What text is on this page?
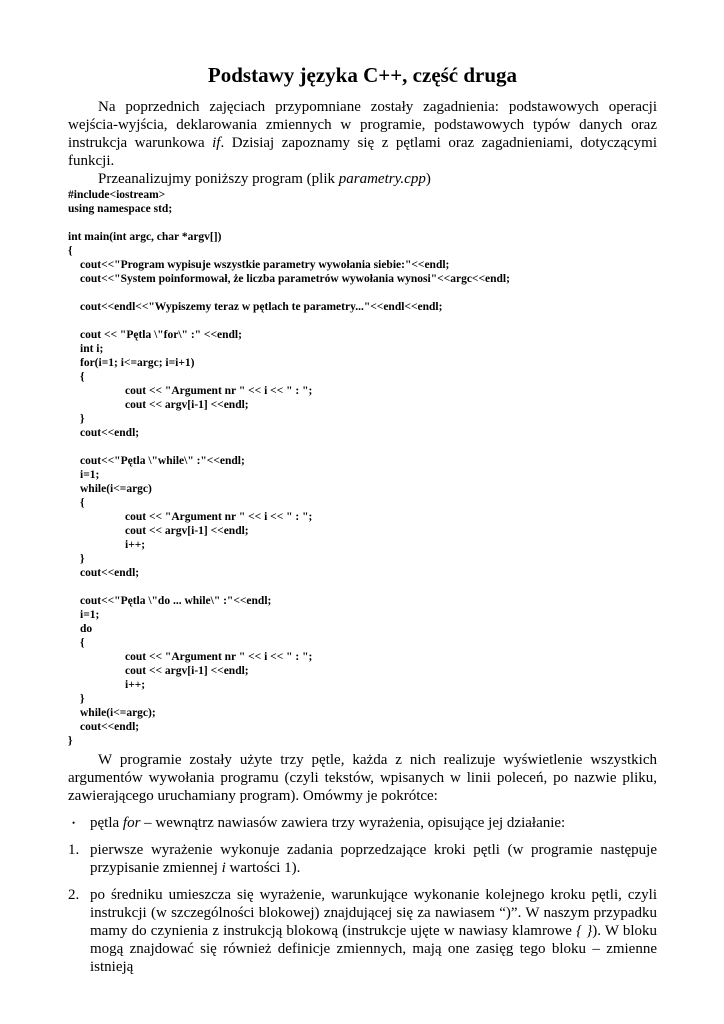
Podstawy języka C++, część druga

Na poprzednich zajęciach przypomniane zostały zagadnienia: podstawowych operacji wejścia-wyjścia, deklarowania zmiennych w programie, podstawowych typów danych oraz instrukcja warunkowa if. Dzisiaj zapoznamy się z pętlami oraz zagadnieniami, dotyczącymi funkcji.

Przeanalizujmy poniższy program (plik parametry.cpp)

#include<iostream>
using namespace std;

int main(int argc, char *argv[])
{
cout<<"Program wypisuje wszystkie parametry wywołania siebie:"<<endl;
cout<<"System poinformował, że liczba parametrów wywołania wynosi"<<argc<<endl;

cout<<endl<<"Wypiszemy teraz w pętlach te parametry..."<<endl<<endl;

cout << "Pętla \"for\" :" <<endl;
int i;
for(i=1; i<=argc; i=i+1)
{
cout << "Argument nr " << i << " : ";
cout << argv[i-1] <<endl;
}
cout<<endl;

cout<<"Pętla \"while\" :"<<endl;
i=1;
while(i<=argc)
{
cout << "Argument nr " << i << " : ";
cout << argv[i-1] <<endl;
i++;
}
cout<<endl;

cout<<"Pętla \"do ... while\" :"<<endl;
i=1;
do
{
cout << "Argument nr " << i << " : ";
cout << argv[i-1] <<endl;
i++;
}
while(i<=argc);
cout<<endl;
}

W programie zostały użyte trzy pętle, każda z nich realizuje wyświetlenie wszystkich argumentów wywołania programu (czyli tekstów, wpisanych w linii poleceń, po nazwie pliku, zawierającego uruchamiany program). Omówmy je pokrótce:

• pętla for – wewnątrz nawiasów zawiera trzy wyrażenia, opisujące jej działanie:
1. pierwsze wyrażenie wykonuje zadania poprzedzające kroki pętli (w programie następuje przypisanie zmiennej i wartości 1).
2. po średniku umieszcza się wyrażenie, warunkujące wykonanie kolejnego kroku pętli, czyli instrukcji (w szczególności blokowej) znajdującej się za nawiasem “)”. W naszym przypadku mamy do czynienia z instrukcją blokową (instrukcje ujęte w nawiasy klamrowe { }). W bloku mogą znajdować się również definicje zmiennych, mają one zasięg tego bloku – zmienne istnieją
